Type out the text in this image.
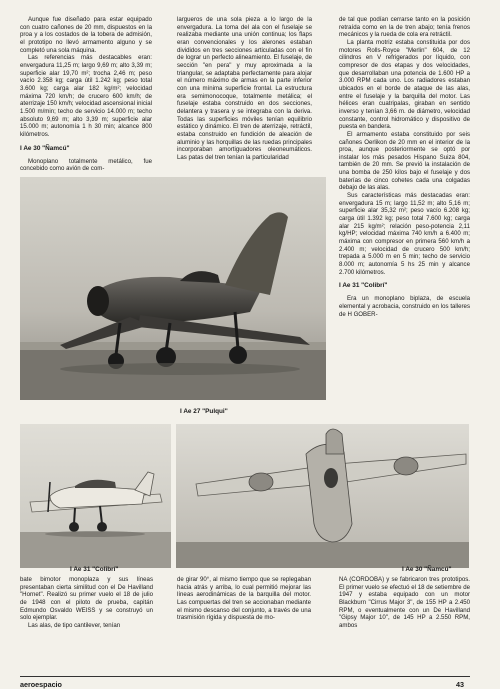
Aunque fue diseñado para estar equipado con cuatro cañones de 20 mm, dispuestos en la proa y a los costados de la tobera de admisión, el prototipo no llevó armamento alguno y se completó una sola máquina.

Las referencias más destacables eran: envergadura 11,25 m; largo 9,69 m; alto 3,39 m; superficie alar 19,70 m²; trocha 2,46 m; peso vacío 2.358 kg; carga útil 1.242 kg; peso total 3.600 kg; carga alar 182 kg/m²; velocidad máxima 720 km/h; de crucero 600 km/h; de aterrizaje 150 km/h; velocidad ascensional inicial 1.500 m/min; techo de servicio 14.000 m; techo absoluto 9,69 m; alto 3,39 m; superficie alar 15.000 m; autonomía 1 h 30 min; alcance 800 kilómetros.

I Ae 30 "Ñamcú"

Monoplano totalmente metálico, fue concebido como avión de com-

largueros de una sola pieza a lo largo de la envergadura. La toma del ala con el fuselaje se realizaba mediante una unión continua; los flaps eran convencionales y los alerones estaban divididos en tres secciones articuladas con el fin de lograr un perfecto alineamiento. El fuselaje, de sección "en pera" y muy aproximada a la triangular, se adaptaba perfectamente para alojar el número máximo de armas en la parte inferior con una mínima superficie frontal. La estructura era semimonocoque, totalmente metálica; el fuselaje estaba construido en dos secciones, delantera y trasera y se integraba con la deriva. Todas las superficies móviles tenían equilibrio estático y dinámico. El tren de aterrizaje, retráctil, estaba construido en fundición de aleación de aluminio y las horquillas de las ruedas principales incorporaban amortiguadores oleoneumáticos. Las patas del tren tenían la particularidad

de tal que podían cerrarse tanto en la posición retraída como en la de tren abajo; tenía frenos mecánicos y la rueda de cola era retráctil.

La planta motriz estaba constituida por dos motores Rolls-Royce "Merlin" 604, de 12 cilindros en V refrigerados por líquido, con compresor de dos etapas y dos velocidades, que desarrollaban una potencia de 1.600 HP a 3.000 RPM cada uno. Los radiadores estaban ubicados en el borde de ataque de las alas, entre el fuselaje y la barquilla del motor. Las hélices eran cuatripalas, giraban en sentido inverso y tenían 3,66 m. de diámetro, velocidad constante, control hidromático y dispositivo de puesta en bandera.

El armamento estaba constituido por seis cañones Oerlikon de 20 mm en el interior de la proa, aunque posteriormente se optó por instalar los más pesados Hispano Suiza 804, también de 20 mm. Se previó la instalación de una bomba de 250 kilos bajo el fuselaje y dos baterías de cinco cohetes cada una colgadas debajo de las alas.

Sus características más destacadas eran: envergadura 15 m; largo 11,52 m; alto 5,16 m; superficie alar 35,32 m²; peso vacío 6.208 kg; carga útil 1.392 kg; peso total 7.600 kg; carga alar 215 kg/m²; relación peso-potencia 2,11 kg/HP; velocidad máxima 740 km/h a 6.400 m; máxima con compresor en primera 560 km/h a 2.400 m; velocidad de crucero 500 km/h; trepada a 5.000 m en 5 min; techo de servicio 8.000 m; autonomía 5 hs 25 min y alcance 2.700 kilómetros.

I Ae 31 "Colibrí"

Era un monoplano biplaza, de escuela elemental y acrobacia, construido en los talleres de H GOBER-

I Ae 27 "Pulqui"
I Ae 31 "Colibrí"	I Ae 30 "Ñamcú"

bate bimotor monoplaza y sus líneas presentaban cierta similitud con el De Havilland "Hornet". Realizó su primer vuelo el 18 de julio de 1948 con el piloto de prueba, capitán Edmundo Osvaldo WEISS y se construyó un solo ejemplar.

Las alas, de tipo cantilever, tenían

de girar 90°, al mismo tiempo que se replegaban hacia atrás y arriba, lo cual permitió mejorar las líneas aerodinámicas de la barquilla del motor. Las compuertas del tren se accionaban mediante el mismo descanso del conjunto, a través de una trasmisión rígida y dispuesta de mo-

NA (CORDOBA) y se fabricaron tres prototipos. El primer vuelo se efectuó el 18 de setiembre de 1947 y estaba equipado con un motor Blackburn "Cirrus Major 3", de 155 HP a 2.450 RPM, o eventualmente con un De Havilland "Gipsy Major 10", de 145 HP a 2.550 RPM, ambos

aeroespacio	43
